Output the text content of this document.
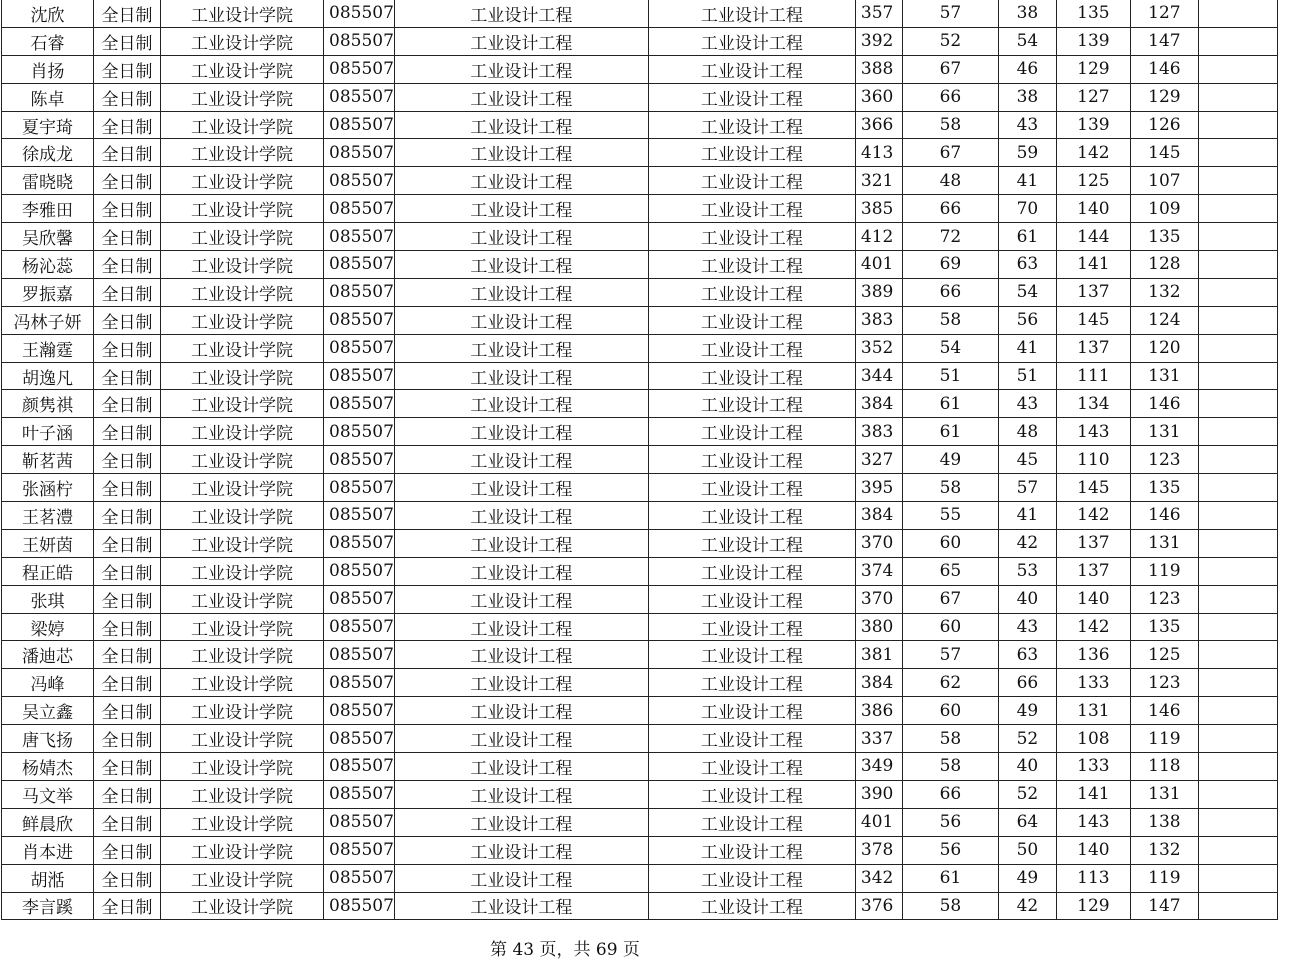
沈欣	全日制	工业设计学院	085507	工业设计工程	工业设计工程	357	57	38	135	127	
石睿	全日制	工业设计学院	085507	工业设计工程	工业设计工程	392	52	54	139	147	
肖扬	全日制	工业设计学院	085507	工业设计工程	工业设计工程	388	67	46	129	146	
陈卓	全日制	工业设计学院	085507	工业设计工程	工业设计工程	360	66	38	127	129	
夏宇琦	全日制	工业设计学院	085507	工业设计工程	工业设计工程	366	58	43	139	126	
徐成龙	全日制	工业设计学院	085507	工业设计工程	工业设计工程	413	67	59	142	145	
雷晓晓	全日制	工业设计学院	085507	工业设计工程	工业设计工程	321	48	41	125	107	
李雅田	全日制	工业设计学院	085507	工业设计工程	工业设计工程	385	66	70	140	109	
吴欣馨	全日制	工业设计学院	085507	工业设计工程	工业设计工程	412	72	61	144	135	
杨沁蕊	全日制	工业设计学院	085507	工业设计工程	工业设计工程	401	69	63	141	128	
罗振嘉	全日制	工业设计学院	085507	工业设计工程	工业设计工程	389	66	54	137	132	
冯林子妍	全日制	工业设计学院	085507	工业设计工程	工业设计工程	383	58	56	145	124	
王瀚霆	全日制	工业设计学院	085507	工业设计工程	工业设计工程	352	54	41	137	120	
胡逸凡	全日制	工业设计学院	085507	工业设计工程	工业设计工程	344	51	51	111	131	
颜隽祺	全日制	工业设计学院	085507	工业设计工程	工业设计工程	384	61	43	134	146	
叶子涵	全日制	工业设计学院	085507	工业设计工程	工业设计工程	383	61	48	143	131	
靳茗茜	全日制	工业设计学院	085507	工业设计工程	工业设计工程	327	49	45	110	123	
张涵柠	全日制	工业设计学院	085507	工业设计工程	工业设计工程	395	58	57	145	135	
王茗澧	全日制	工业设计学院	085507	工业设计工程	工业设计工程	384	55	41	142	146	
王妍茵	全日制	工业设计学院	085507	工业设计工程	工业设计工程	370	60	42	137	131	
程正皓	全日制	工业设计学院	085507	工业设计工程	工业设计工程	374	65	53	137	119	
张琪	全日制	工业设计学院	085507	工业设计工程	工业设计工程	370	67	40	140	123	
梁婷	全日制	工业设计学院	085507	工业设计工程	工业设计工程	380	60	43	142	135	
潘迪芯	全日制	工业设计学院	085507	工业设计工程	工业设计工程	381	57	63	136	125	
冯峰	全日制	工业设计学院	085507	工业设计工程	工业设计工程	384	62	66	133	123	
吴立鑫	全日制	工业设计学院	085507	工业设计工程	工业设计工程	386	60	49	131	146	
唐飞扬	全日制	工业设计学院	085507	工业设计工程	工业设计工程	337	58	52	108	119	
杨婧杰	全日制	工业设计学院	085507	工业设计工程	工业设计工程	349	58	40	133	118	
马文举	全日制	工业设计学院	085507	工业设计工程	工业设计工程	390	66	52	141	131	
鲜晨欣	全日制	工业设计学院	085507	工业设计工程	工业设计工程	401	56	64	143	138	
肖本进	全日制	工业设计学院	085507	工业设计工程	工业设计工程	378	56	50	140	132	
胡湉	全日制	工业设计学院	085507	工业设计工程	工业设计工程	342	61	49	113	119	
李言蹊	全日制	工业设计学院	085507	工业设计工程	工业设计工程	376	58	42	129	147	
第 43 页，共 69 页
